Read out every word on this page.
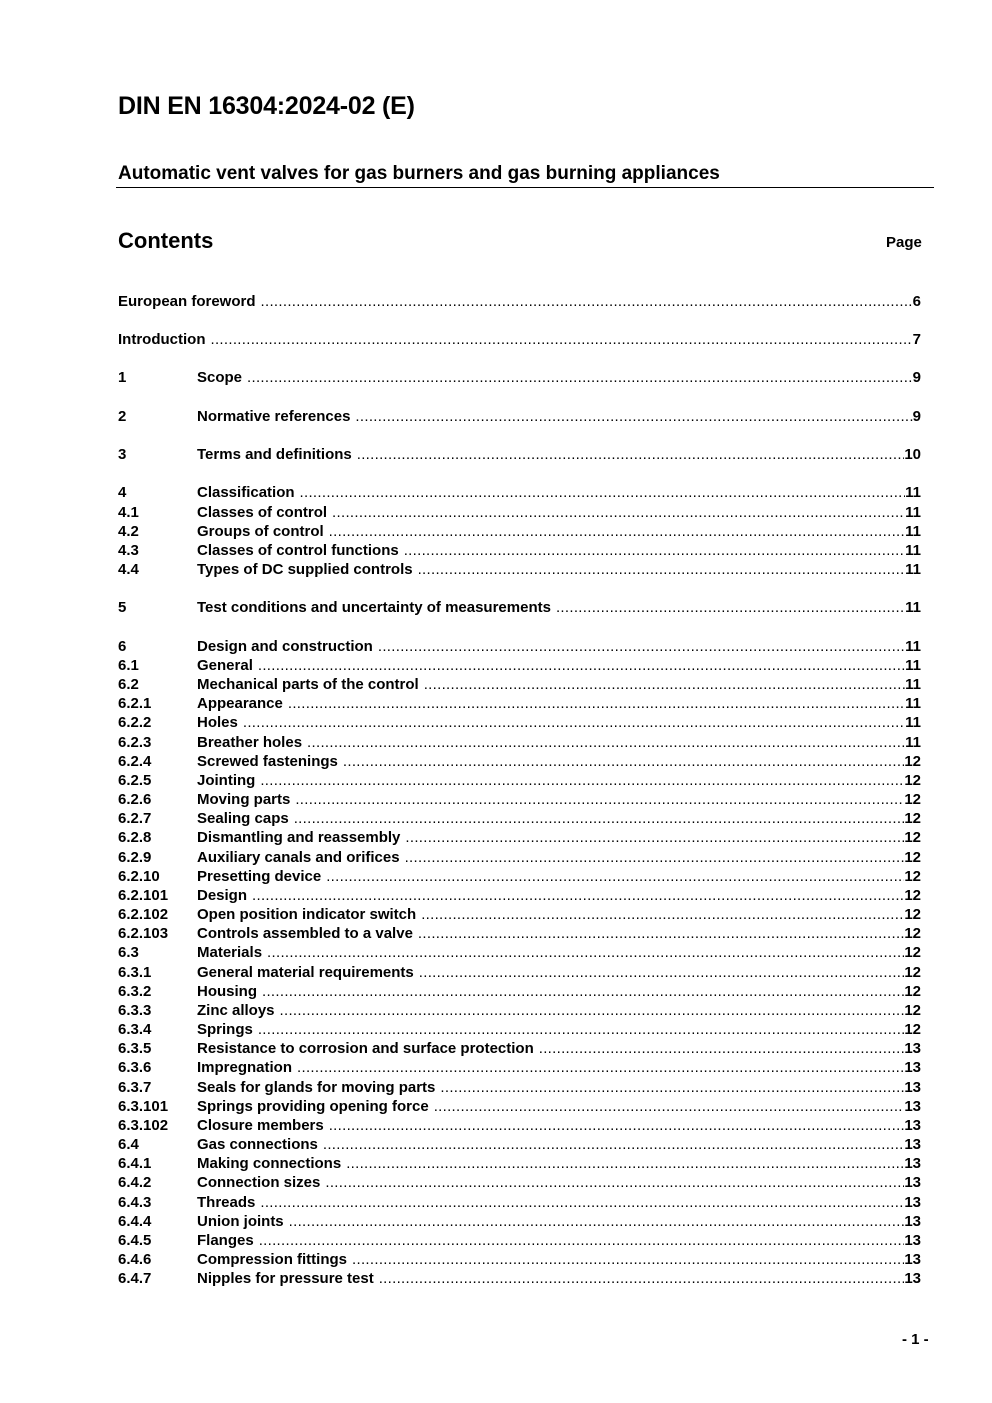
DIN EN 16304:2024-02 (E)
Automatic vent valves for gas burners and gas burning appliances
Contents	Page
European foreword .....	6
Introduction .....	7
1	Scope .....	9
2	Normative references .....	9
3	Terms and definitions .....	10
4	Classification .....	11
4.1	Classes of control .....	11
4.2	Groups of control .....	11
4.3	Classes of control functions .....	11
4.4	Types of DC supplied controls .....	11
5	Test conditions and uncertainty of measurements .....	11
6	Design and construction .....	11
6.1	General .....	11
6.2	Mechanical parts of the control .....	11
6.2.1	Appearance .....	11
6.2.2	Holes .....	11
6.2.3	Breather holes .....	11
6.2.4	Screwed fastenings .....	12
6.2.5	Jointing .....	12
6.2.6	Moving parts .....	12
6.2.7	Sealing caps .....	12
6.2.8	Dismantling and reassembly .....	12
6.2.9	Auxiliary canals and orifices .....	12
6.2.10 Presetting device .....	12
6.2.101 Design .....	12
6.2.102 Open position indicator switch .....	12
6.2.103 Controls assembled to a valve .....	12
6.3	Materials .....	12
6.3.1	General material requirements .....	12
6.3.2	Housing .....	12
6.3.3	Zinc alloys .....	12
6.3.4	Springs .....	12
6.3.5	Resistance to corrosion and surface protection .....	13
6.3.6	Impregnation .....	13
6.3.7	Seals for glands for moving parts .....	13
6.3.101 Springs providing opening force .....	13
6.3.102 Closure members .....	13
6.4	Gas connections .....	13
6.4.1	Making connections .....	13
6.4.2	Connection sizes .....	13
6.4.3	Threads .....	13
6.4.4	Union joints .....	13
6.4.5	Flanges .....	13
6.4.6	Compression fittings .....	13
6.4.7	Nipples for pressure test .....	13
- 1 -
